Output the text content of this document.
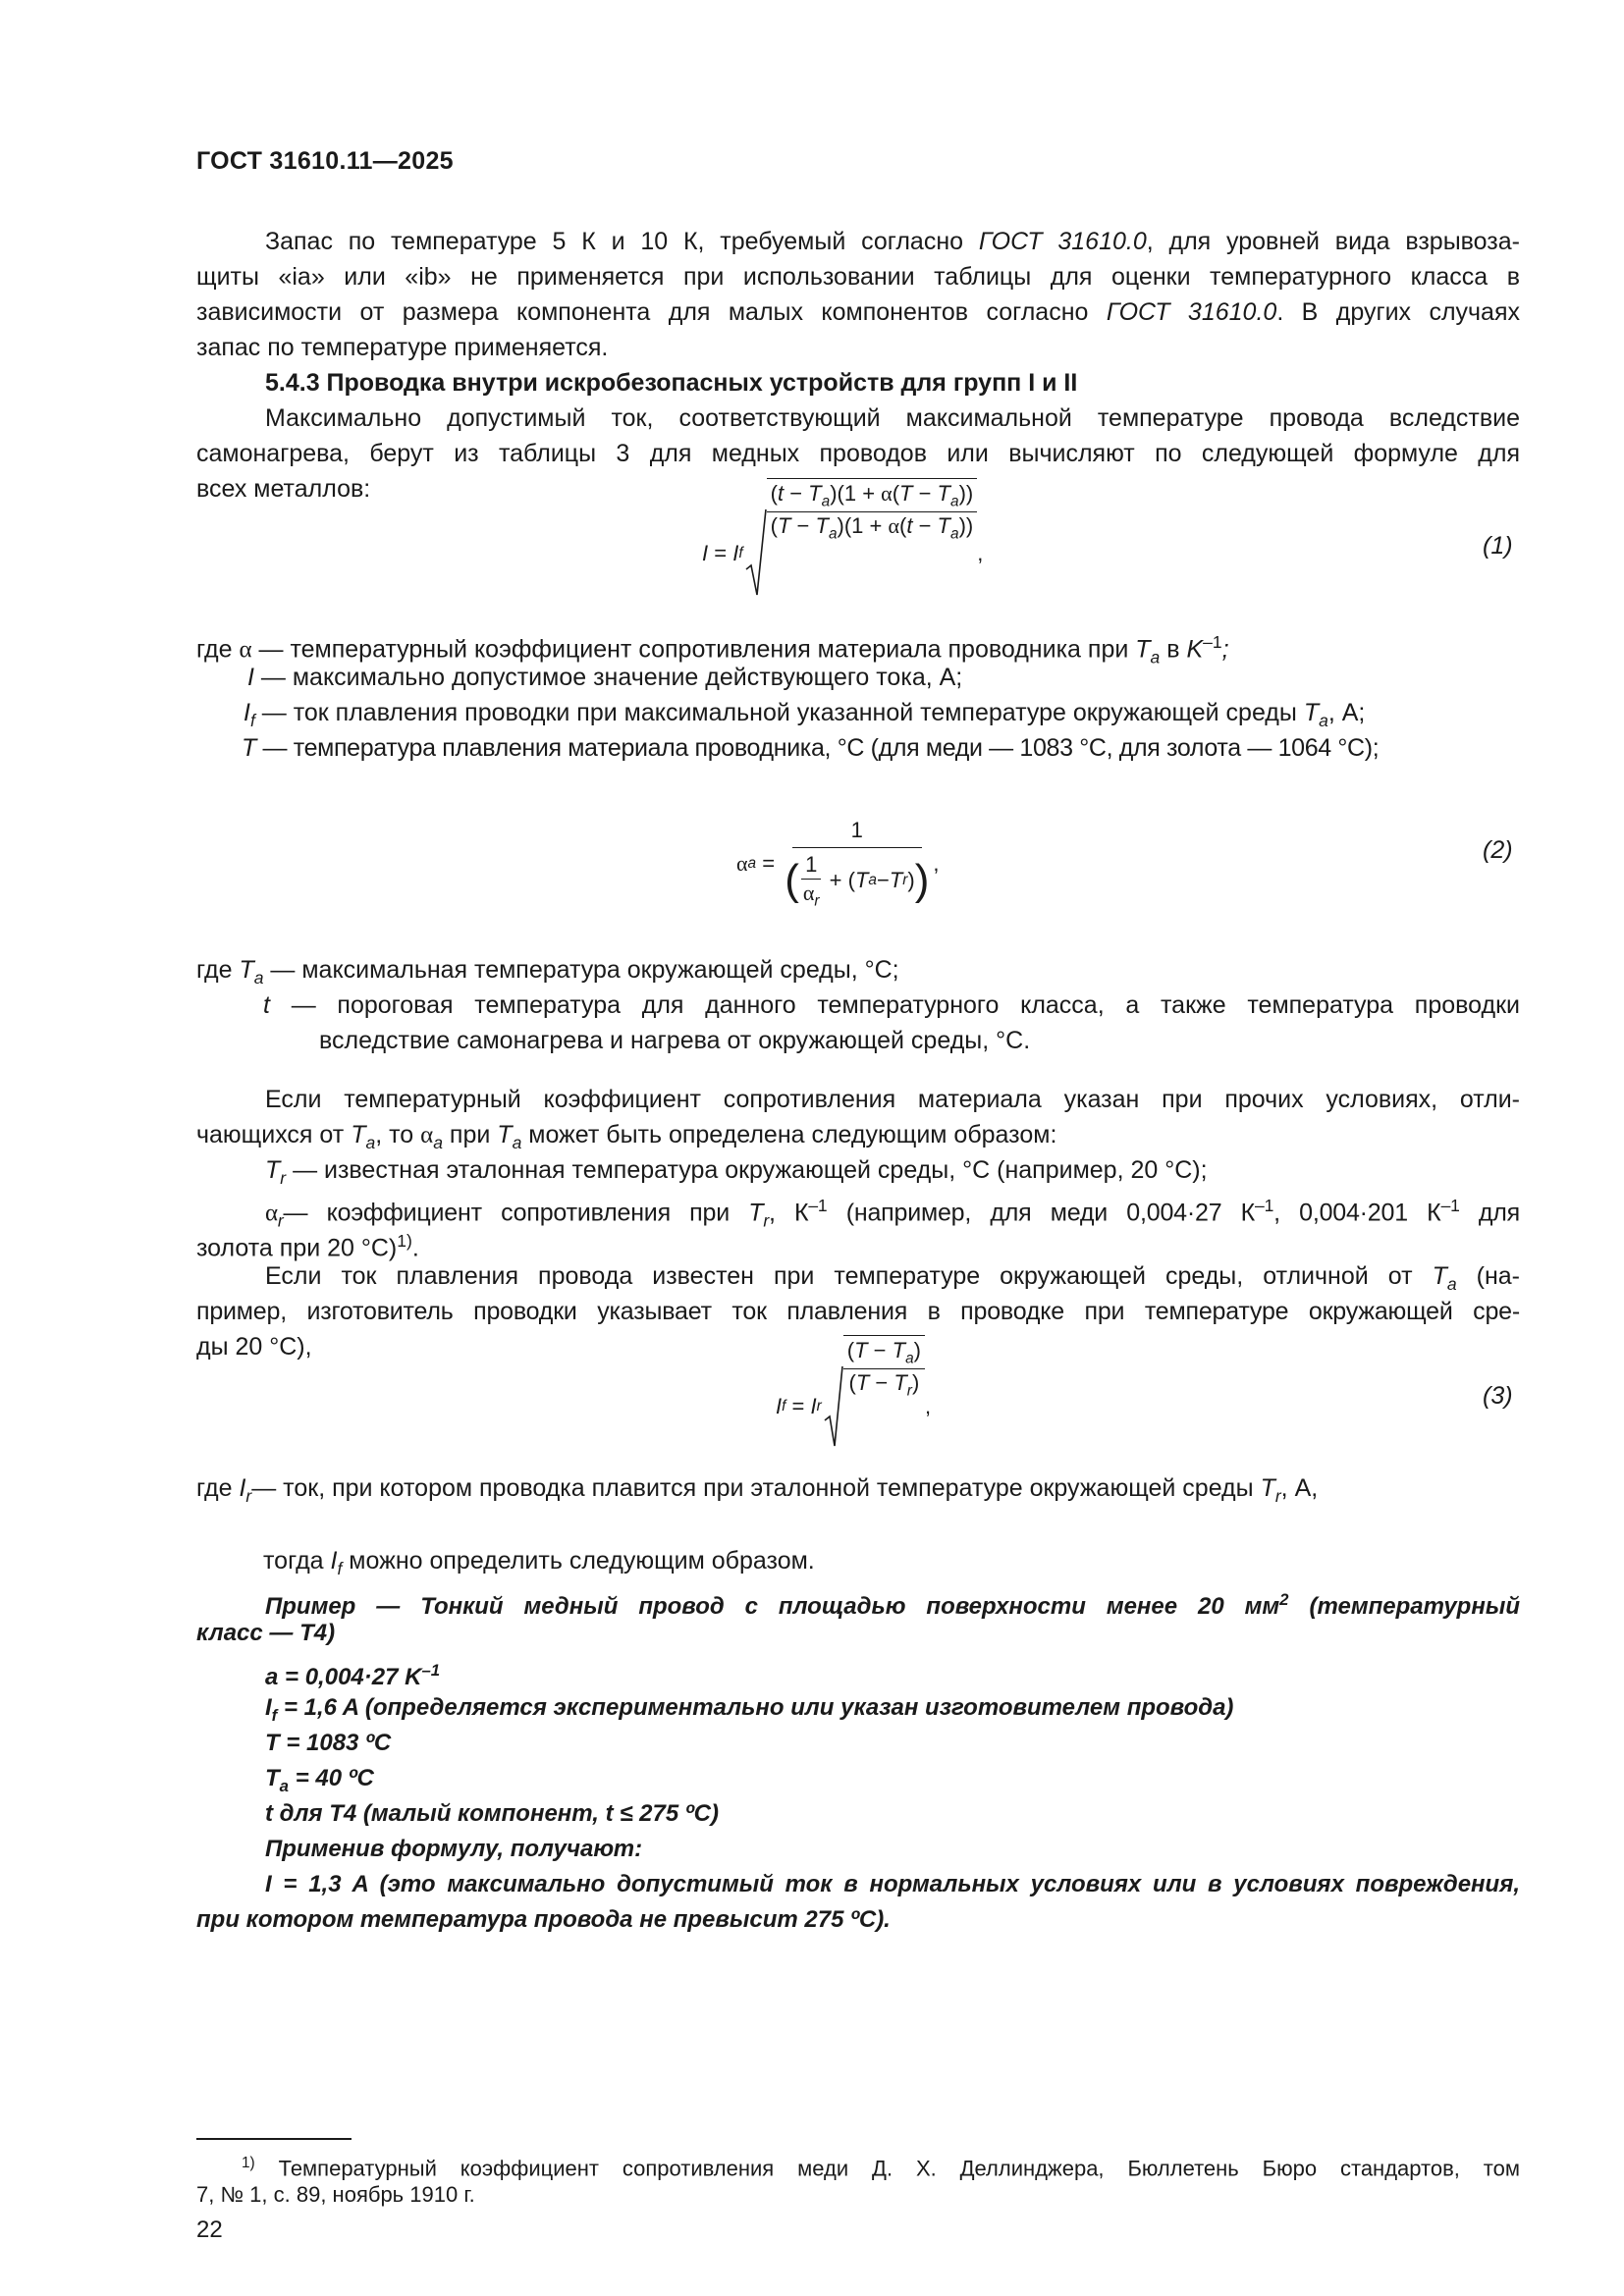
ГОСТ 31610.11—2025
Запас по температуре 5 К и 10 К, требуемый согласно ГОСТ 31610.0, для уровней вида взрывоза-
щиты «ia» или «ib» не применяется при использовании таблицы для оценки температурного класса в
зависимости от размера компонента для малых компонентов согласно ГОСТ 31610.0. В других случаях
запас по температуре применяется.
5.4.3 Проводка внутри искробезопасных устройств для групп I и II
Максимально допустимый ток, соответствующий максимальной температуре провода вследствие
самонагрева, берут из таблицы 3 для медных проводов или вычисляют по следующей формуле для
всех металлов:
I
=
I f
$\frac{(t - T_a)(1 + \alpha(T - T_a))}{(T - T_a)(1 + \alpha(t - T_a))}$
,	(1)
где α — температурный коэффициент сопротивления материала проводника при $T_a$ в $K^{-1}$;
I — максимально допустимое значение действующего тока, А;
$I_f$ — ток плавления проводки при максимальной указанной температуре окружающей среды $T_a$, А;
T — температура плавления материала проводника, °С (для меди — 1083 °С, для золота — 1064 °С);
α a
=

1
( $\frac{1}{\alpha_r}$ + ( T a − T r ) ) ,	(2)
где $T_a$ — максимальная температура окружающей среды, °С;
t — пороговая температура для данного температурного класса, а также температура проводки
вследствие самонагрева и нагрева от окружающей среды, °С.
Если температурный коэффициент сопротивления материала указан при прочих условиях, отли-
чающихся от $T_a$, то $\alpha_a$ при $T_a$ может быть определена следующим образом:
$T_r$ — известная эталонная температура окружающей среды, °С (например, 20 °С);
$\alpha_r—$ коэффициент сопротивления при $T_r$, $К^{-1}$ (например, для меди 0,004·27 $К^{-1}$, 0,004·201 $К^{-1}$ для
золота при 20 °С)$^{1)}$.
Если ток плавления провода известен при температуре окружающей среды, отличной от $T_a$ (на-
пример, изготовитель проводки указывает ток плавления в проводке при температуре окружающей сре-
ды 20 °С),
I f
=
I r
$\frac{(T - T_a)}{(T - T_r)}$
,	(3)
где $I_r—$ ток, при котором проводка плавится при эталонной температуре окружающей среды $T_r$, А,
тогда $I_f$ можно определить следующим образом.
Пример — Тонкий медный провод с площадью поверхности менее 20 $мм^2$ (температурный
класс — Т4)
a = 0,004·27 $K^{-1}$
$I_f = 1,6$ A (определяется экспериментально или указан изготовителем провода)
T = 1083 ºC
$T_a = 40$ ºC
t для Т4 (малый компонент, t ≤ 275 ºC)
Применив формулу, получают:
I = 1,3 A (это максимально допустимый ток в нормальных условиях или в условиях повреждения,
при котором температура провода не превысит 275 ºC).
$^{1)}$ Температурный коэффициент сопротивления меди Д. Х. Деллинджера, Бюллетень Бюро стандартов, том
7, № 1, с. 89, ноябрь 1910 г.
22
